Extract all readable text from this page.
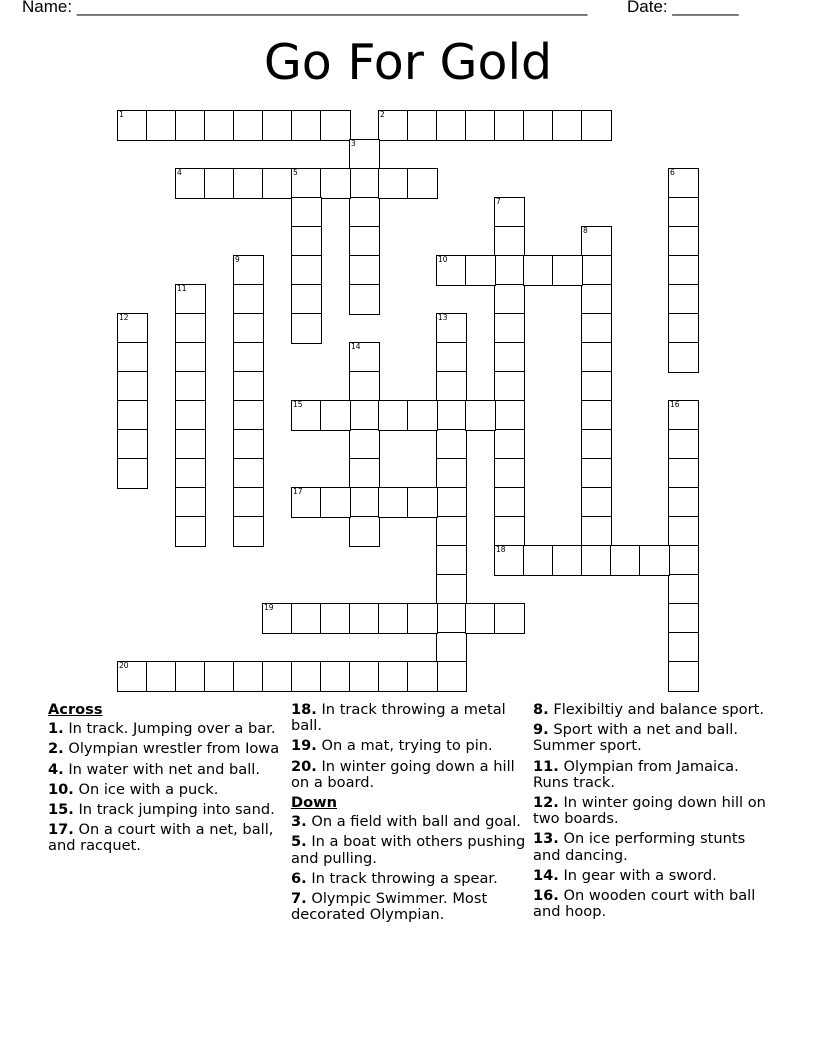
Name: ______________________________________________________ Date: _______
Go For Gold
1	2
3
4	5	6
7
18
8
9	10
11
12	13
14
15	16
17
19
20
Across
1. In track. Jumping over a bar.
2. Olympian wrestler from Iowa
4. In water with net and ball.
10. On ice with a puck.
15. In track jumping into sand.
17. On a court with a net, ball, and racquet.
18. In track throwing a metal ball.
19. On a mat, trying to pin.
20. In winter going down a hill on a board.
Down
3. On a field with ball and goal.
5. In a boat with others pushing and pulling.
6. In track throwing a spear.
7. Olympic Swimmer. Most decorated Olympian.
8. Flexibiltiy and balance sport.
9. Sport with a net and ball. Summer sport.
11. Olympian from Jamaica. Runs track.
12. In winter going down hill on two boards.
13. On ice performing stunts and dancing.
14. In gear with a sword.
16. On wooden court with ball and hoop.
